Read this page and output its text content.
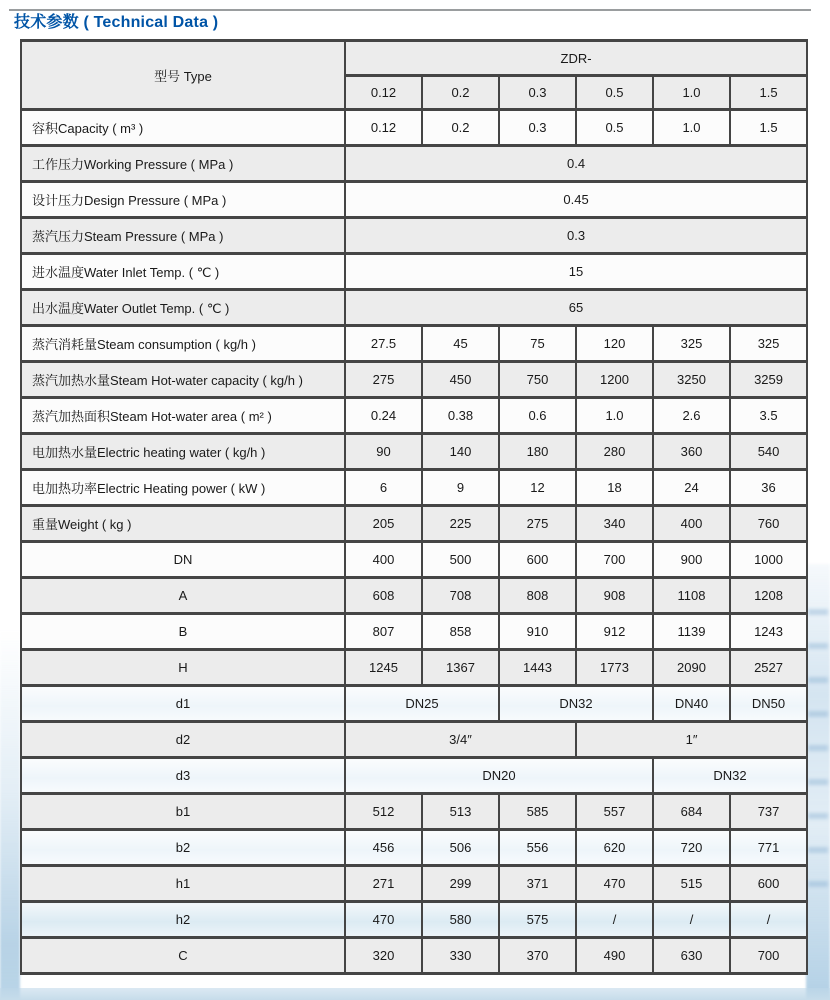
技术参数 ( Technical Data )
型号 Type	ZDR-					
	0.12	0.2	0.3	0.5	1.0	1.5
容积Capacity ( m³ )	0.12	0.2	0.3	0.5	1.0	1.5
工作压力Working Pressure ( MPa )	0.4					
设计压力Design Pressure ( MPa )	0.45					
蒸汽压力Steam Pressure ( MPa )	0.3					
进水温度Water Inlet Temp. ( ℃ )	15					
出水温度Water Outlet Temp. ( ℃ )	65					
蒸汽消耗量Steam consumption ( kg/h )	27.5	45	75	120	325	325
蒸汽加热水量Steam Hot-water capacity ( kg/h )	275	450	750	1200	3250	3259
蒸汽加热面积Steam Hot-water area ( m² )	0.24	0.38	0.6	1.0	2.6	3.5
电加热水量Electric heating water ( kg/h )	90	140	180	280	360	540
电加热功率Electric Heating power ( kW )	6	9	12	18	24	36
重量Weight ( kg )	205	225	275	340	400	760
DN	400	500	600	700	900	1000
A	608	708	808	908	1108	1208
B	807	858	910	912	1139	1243
H	1245	1367	1443	1773	2090	2527
d1	DN25		DN32		DN40	DN50
d2	3/4″			1″		
d3	DN20				DN32	
b1	512	513	585	557	684	737
b2	456	506	556	620	720	771
h1	271	299	371	470	515	600
h2	470	580	575	/	/	/
C	320	330	370	490	630	700
